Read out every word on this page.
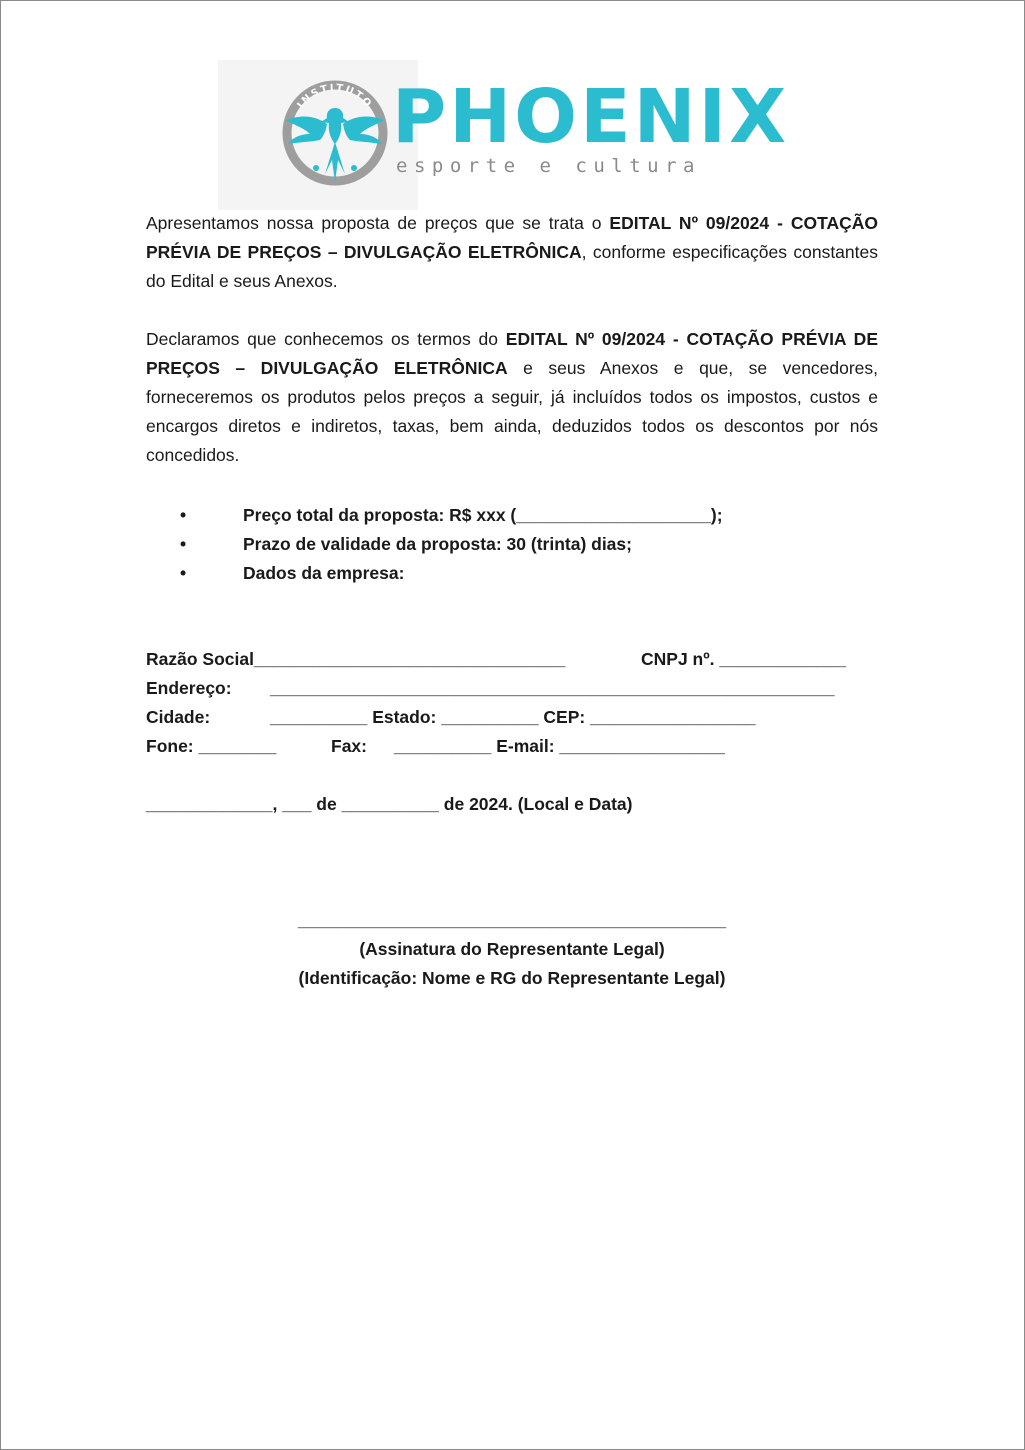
INSTITUTO PHOENIX
esporte e cultura
Apresentamos nossa proposta de preços que se trata o EDITAL Nº 09/2024 - COTAÇÃO PRÉVIA DE PREÇOS – DIVULGAÇÃO ELETRÔNICA, conforme especificações constantes do Edital e seus Anexos.
Declaramos que conhecemos os termos do EDITAL Nº 09/2024 - COTAÇÃO PRÉVIA DE PREÇOS – DIVULGAÇÃO ELETRÔNICA e seus Anexos e que, se vencedores, forneceremos os produtos pelos preços a seguir, já incluídos todos os impostos, custos e encargos diretos e indiretos, taxas, bem ainda, deduzidos todos os descontos por nós concedidos.
•	Preço total da proposta: R$ xxx (____________________);
•	Prazo de validade da proposta: 30 (trinta) dias;
•	Dados da empresa:
Razão Social________________________________	CNPJ nº. _____________
Endereço: __________________________________________________________
Cidade:	__________ Estado: __________ CEP: _________________
Fone: ________	Fax: __________ E-mail: _________________
_____________, ___ de __________ de 2024. (Local e Data)
____________________________________________
(Assinatura do Representante Legal)
(Identificação: Nome e RG do Representante Legal)
